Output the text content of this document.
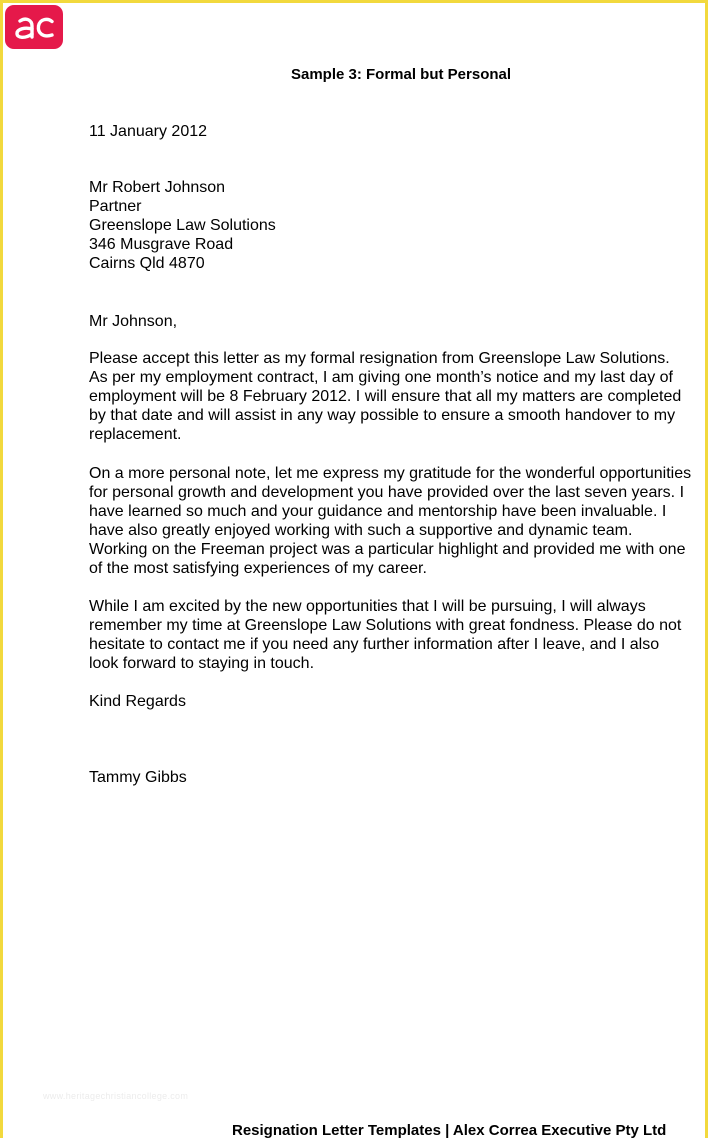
Sample 3: Formal but Personal
11 January 2012
Mr Robert Johnson
Partner
Greenslope Law Solutions
346 Musgrave Road
Cairns Qld 4870
Mr Johnson,
Please accept this letter as my formal resignation from Greenslope Law Solutions.
As per my employment contract, I am giving one month’s notice and my last day of
employment will be 8 February 2012. I will ensure that all my matters are completed
by that date and will assist in any way possible to ensure a smooth handover to my
replacement.
On a more personal note, let me express my gratitude for the wonderful opportunities
for personal growth and development you have provided over the last seven years. I
have learned so much and your guidance and mentorship have been invaluable. I
have also greatly enjoyed working with such a supportive and dynamic team.
Working on the Freeman project was a particular highlight and provided me with one
of the most satisfying experiences of my career.
While I am excited by the new opportunities that I will be pursuing, I will always
remember my time at Greenslope Law Solutions with great fondness. Please do not
hesitate to contact me if you need any further information after I leave, and I also
look forward to staying in touch.
Kind Regards
Tammy Gibbs
www.heritagechristiancollege.com
Resignation Letter Templates | Alex Correa Executive Pty Ltd
